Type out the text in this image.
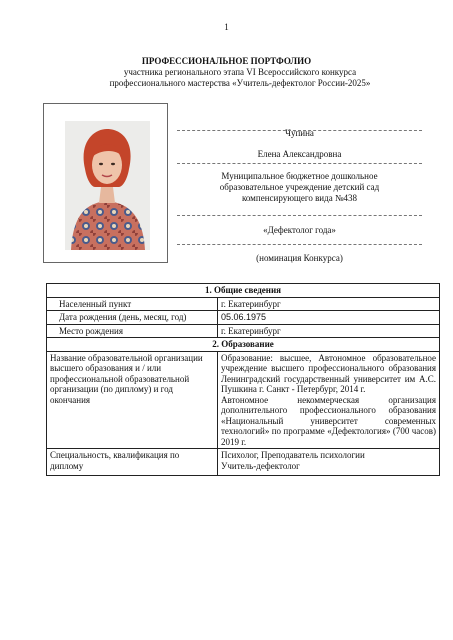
1
ПРОФЕССИОНАЛЬНОЕ ПОРТФОЛИО
участника регионального этапа VI Всероссийского конкурса
профессионального мастерства «Учитель-дефектолог России-2025»
Чупина
Елена Александровна
Муниципальное бюджетное дошкольное
образовательное учреждение детский сад
компенсирующего вида №438
«Дефектолог года»
(номинация Конкурса)
1. Общие сведения	
Населенный пункт	г. Екатеринбург
Дата рождения (день, месяц, год)	05.06.1975
Место рождения	г. Екатеринбург
2. Образование	
Название образовательной организации высшего образования и / или профессиональной образовательной организации (по диплому) и год окончания	Образование: высшее, Автономное образовательное учреждение высшего профессионального образования Ленинградский государственный университет им А.С. Пушкина г. Санкт - Петербург, 2014 г.
Автономное некоммерческая организация дополнительного профессионального образования «Национальный университет современных технологий» по программе «Дефектология» (700 часов) 2019 г.

Специальность, квалификация по диплому	Психолог, Преподаватель психологии
Учитель-дефектолог
